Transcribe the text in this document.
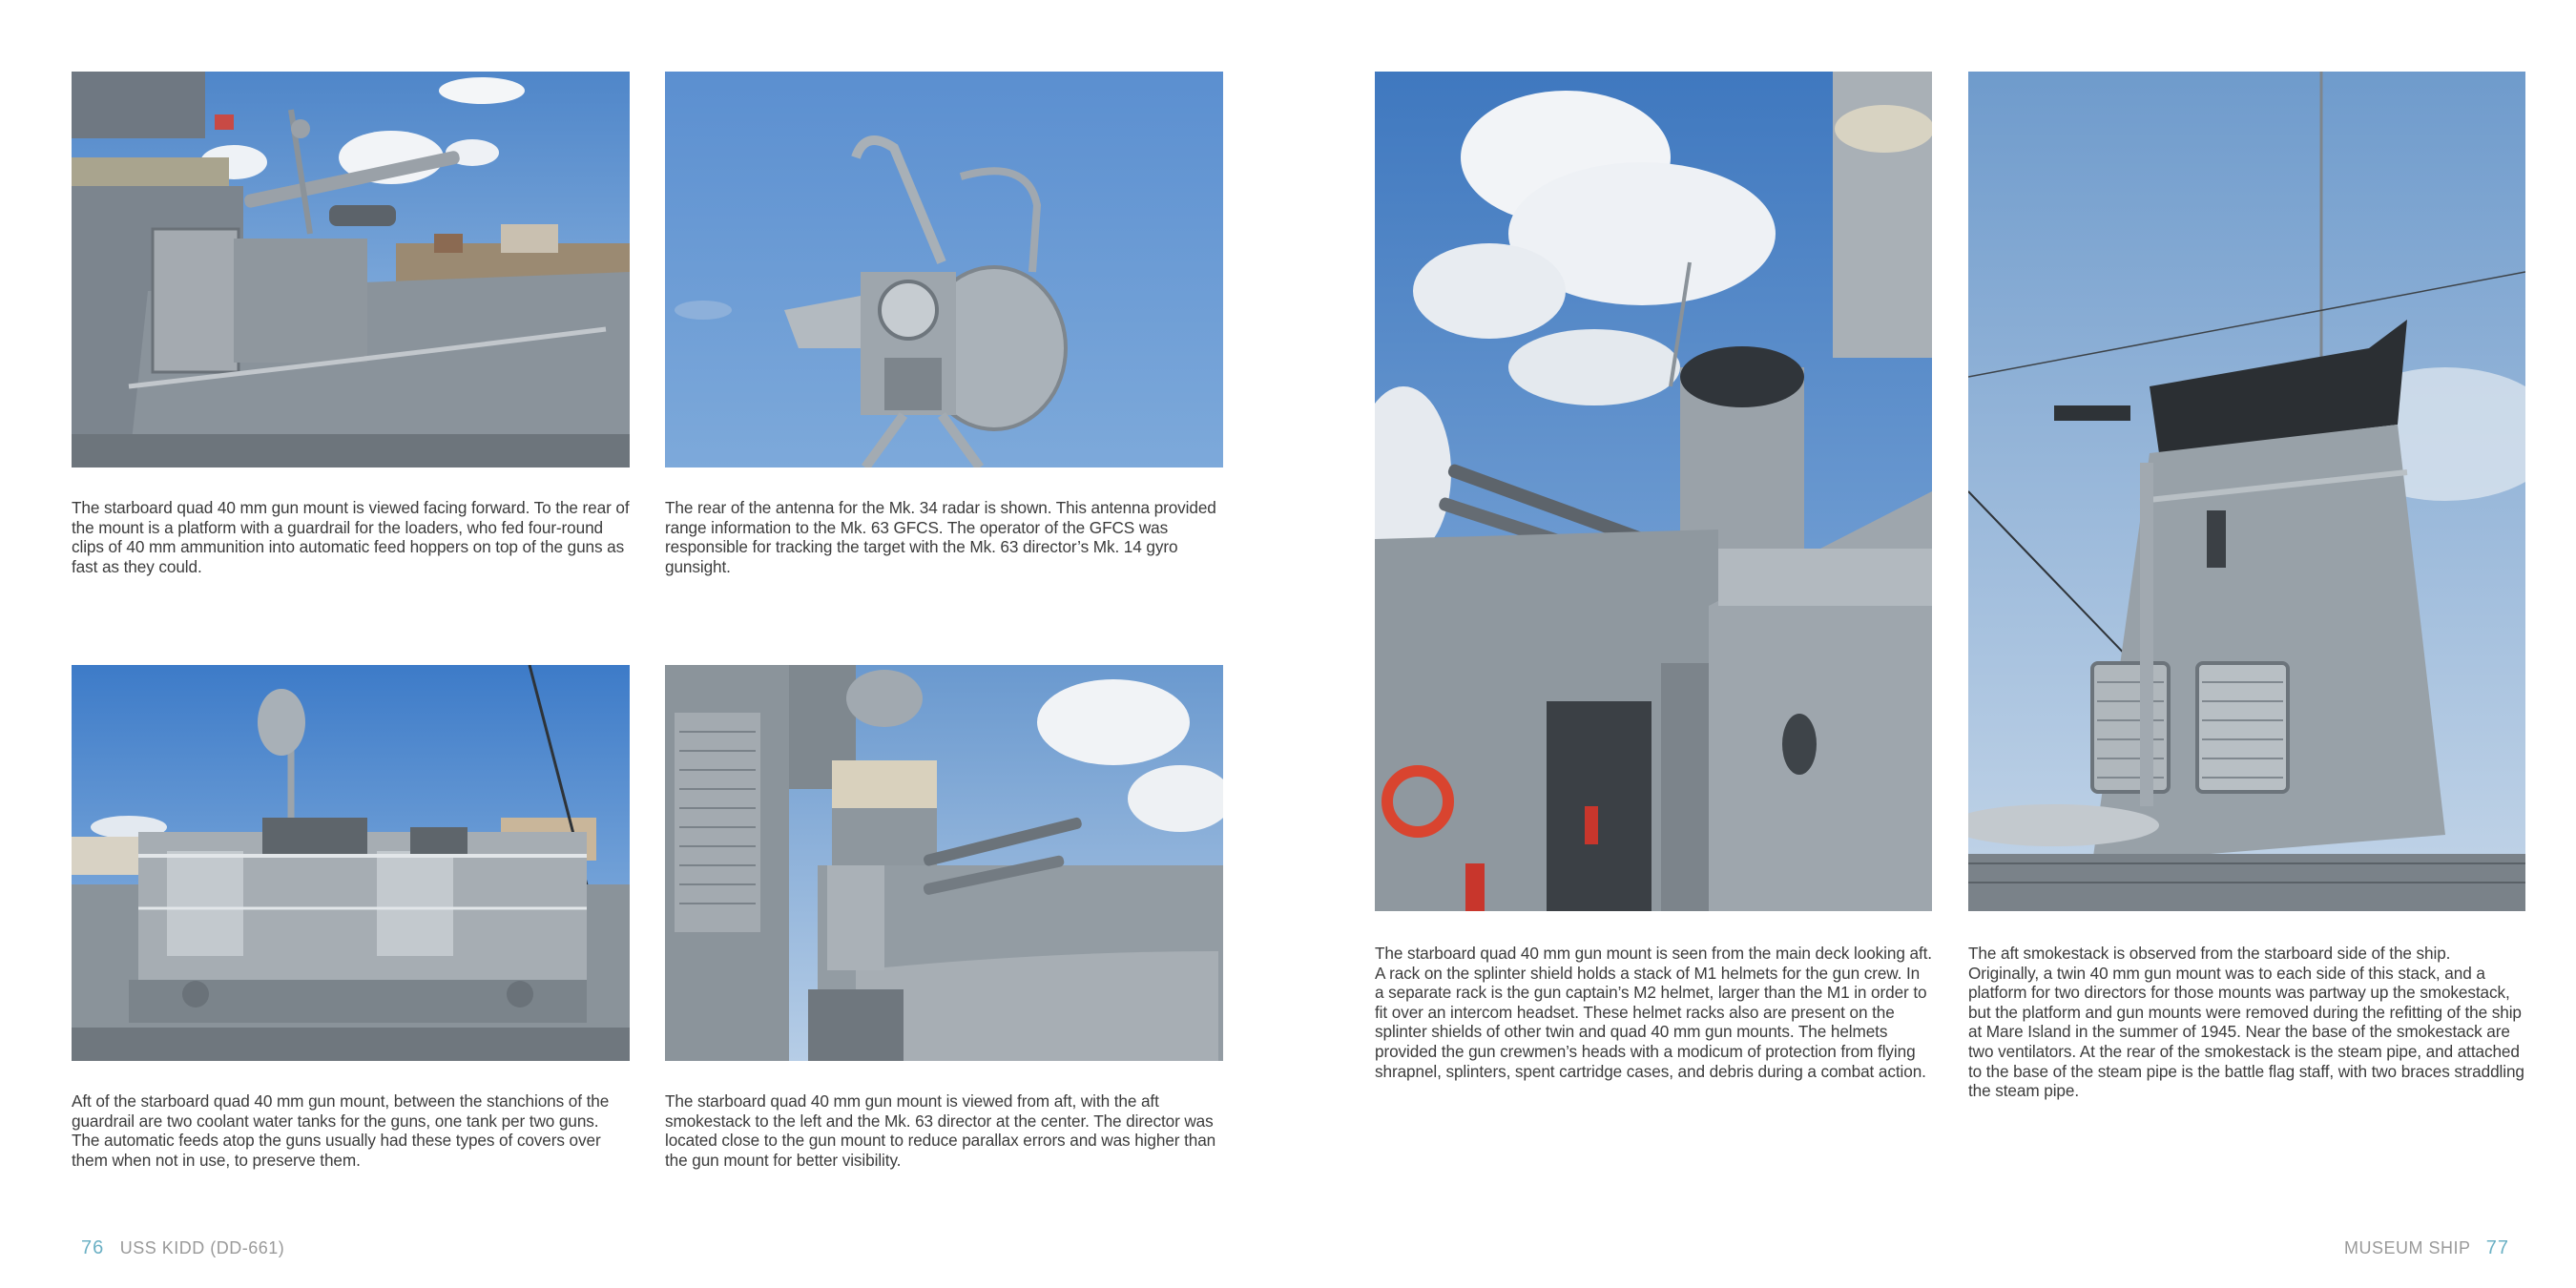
The starboard quad 40 mm gun mount is viewed facing forward. To the rear of the mount is a platform with a guardrail for the loaders, who fed four-round clips of 40 mm ammunition into automatic feed hoppers on top of the guns as fast as they could.

The rear of the antenna for the Mk. 34 radar is shown. This antenna provided range information to the Mk. 63 GFCS. The operator of the GFCS was responsible for tracking the target with the Mk. 63 director’s Mk. 14 gyro gunsight.

Aft of the starboard quad 40 mm gun mount, between the stanchions of the guardrail are two coolant water tanks for the guns, one tank per two guns. The automatic feeds atop the guns usually had these types of covers over them when not in use, to preserve them.

The starboard quad 40 mm gun mount is viewed from aft, with the aft smokestack to the left and the Mk. 63 director at the center. The director was located close to the gun mount to reduce parallax errors and was higher than the gun mount for better visibility.

76 USS KIDD (DD-661)

The starboard quad 40 mm gun mount is seen from the main deck looking aft. A rack on the splinter shield holds a stack of M1 helmets for the gun crew. In a separate rack is the gun captain’s M2 helmet, larger than the M1 in order to fit over an intercom headset. These helmet racks also are present on the splinter shields of other twin and quad 40 mm gun mounts. The helmets provided the gun crewmen’s heads with a modicum of protection from flying shrapnel, splinters, spent cartridge cases, and debris during a combat action.

The aft smokestack is observed from the starboard side of the ship. Originally, a twin 40 mm gun mount was to each side of this stack, and a platform for two directors for those mounts was partway up the smokestack, but the platform and gun mounts were removed during the refitting of the ship at Mare Island in the summer of 1945. Near the base of the smokestack are two ventilators. At the rear of the smokestack is the steam pipe, and attached to the base of the steam pipe is the battle flag staff, with two braces straddling the steam pipe.

MUSEUM SHIP 77
